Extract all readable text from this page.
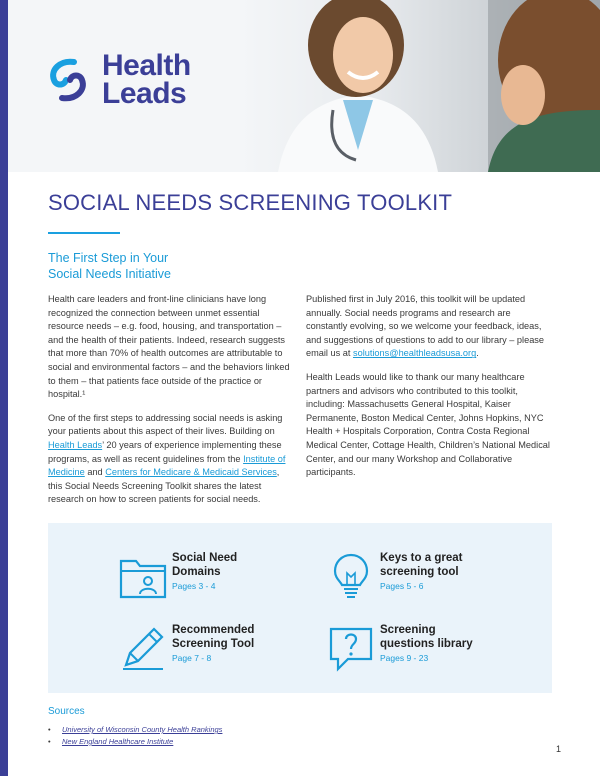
Health
Leads
SOCIAL NEEDS SCREENING TOOLKIT
The First Step in Your
Social Needs Initiative

Health care leaders and front-line clinicians have long recognized the connection between unmet essential resource needs – e.g. food, housing, and transportation – and the health of their patients. Indeed, research suggests that more than 70% of health outcomes are attributable to social and environmental factors – and the behaviors linked to them – that patients face outside of the practice or hospital.¹

One of the first steps to addressing social needs is asking your patients about this aspect of their lives. Building on Health Leads’ 20 years of experience implementing these programs, as well as recent guidelines from the Institute of Medicine and Centers for Medicare & Medicaid Services, this Social Needs Screening Toolkit shares the latest research on how to screen patients for social needs.

Published first in July 2016, this toolkit will be updated annually. Social needs programs and research are constantly evolving, so we welcome your feedback, ideas, and suggestions of questions to add to our library – please email us at solutions@healthleadsusa.org.

Health Leads would like to thank our many healthcare partners and advisors who contributed to this toolkit, including: Massachusetts General Hospital, Kaiser Permanente, Boston Medical Center, Johns Hopkins, NYC Health + Hospitals Corporation, Contra Costa Regional Medical Center, Cottage Health, Children’s National Medical Center, and our many Workshop and Collaborative participants.

Social Need
Domains
Pages 3 - 4
Keys to a great
screening tool
Pages 5 - 6
Recommended
Screening Tool
Page 7 - 8
Screening
questions library
Pages 9 - 23
Sources
• University of Wisconsin County Health Rankings
• New England Healthcare Institute
1
